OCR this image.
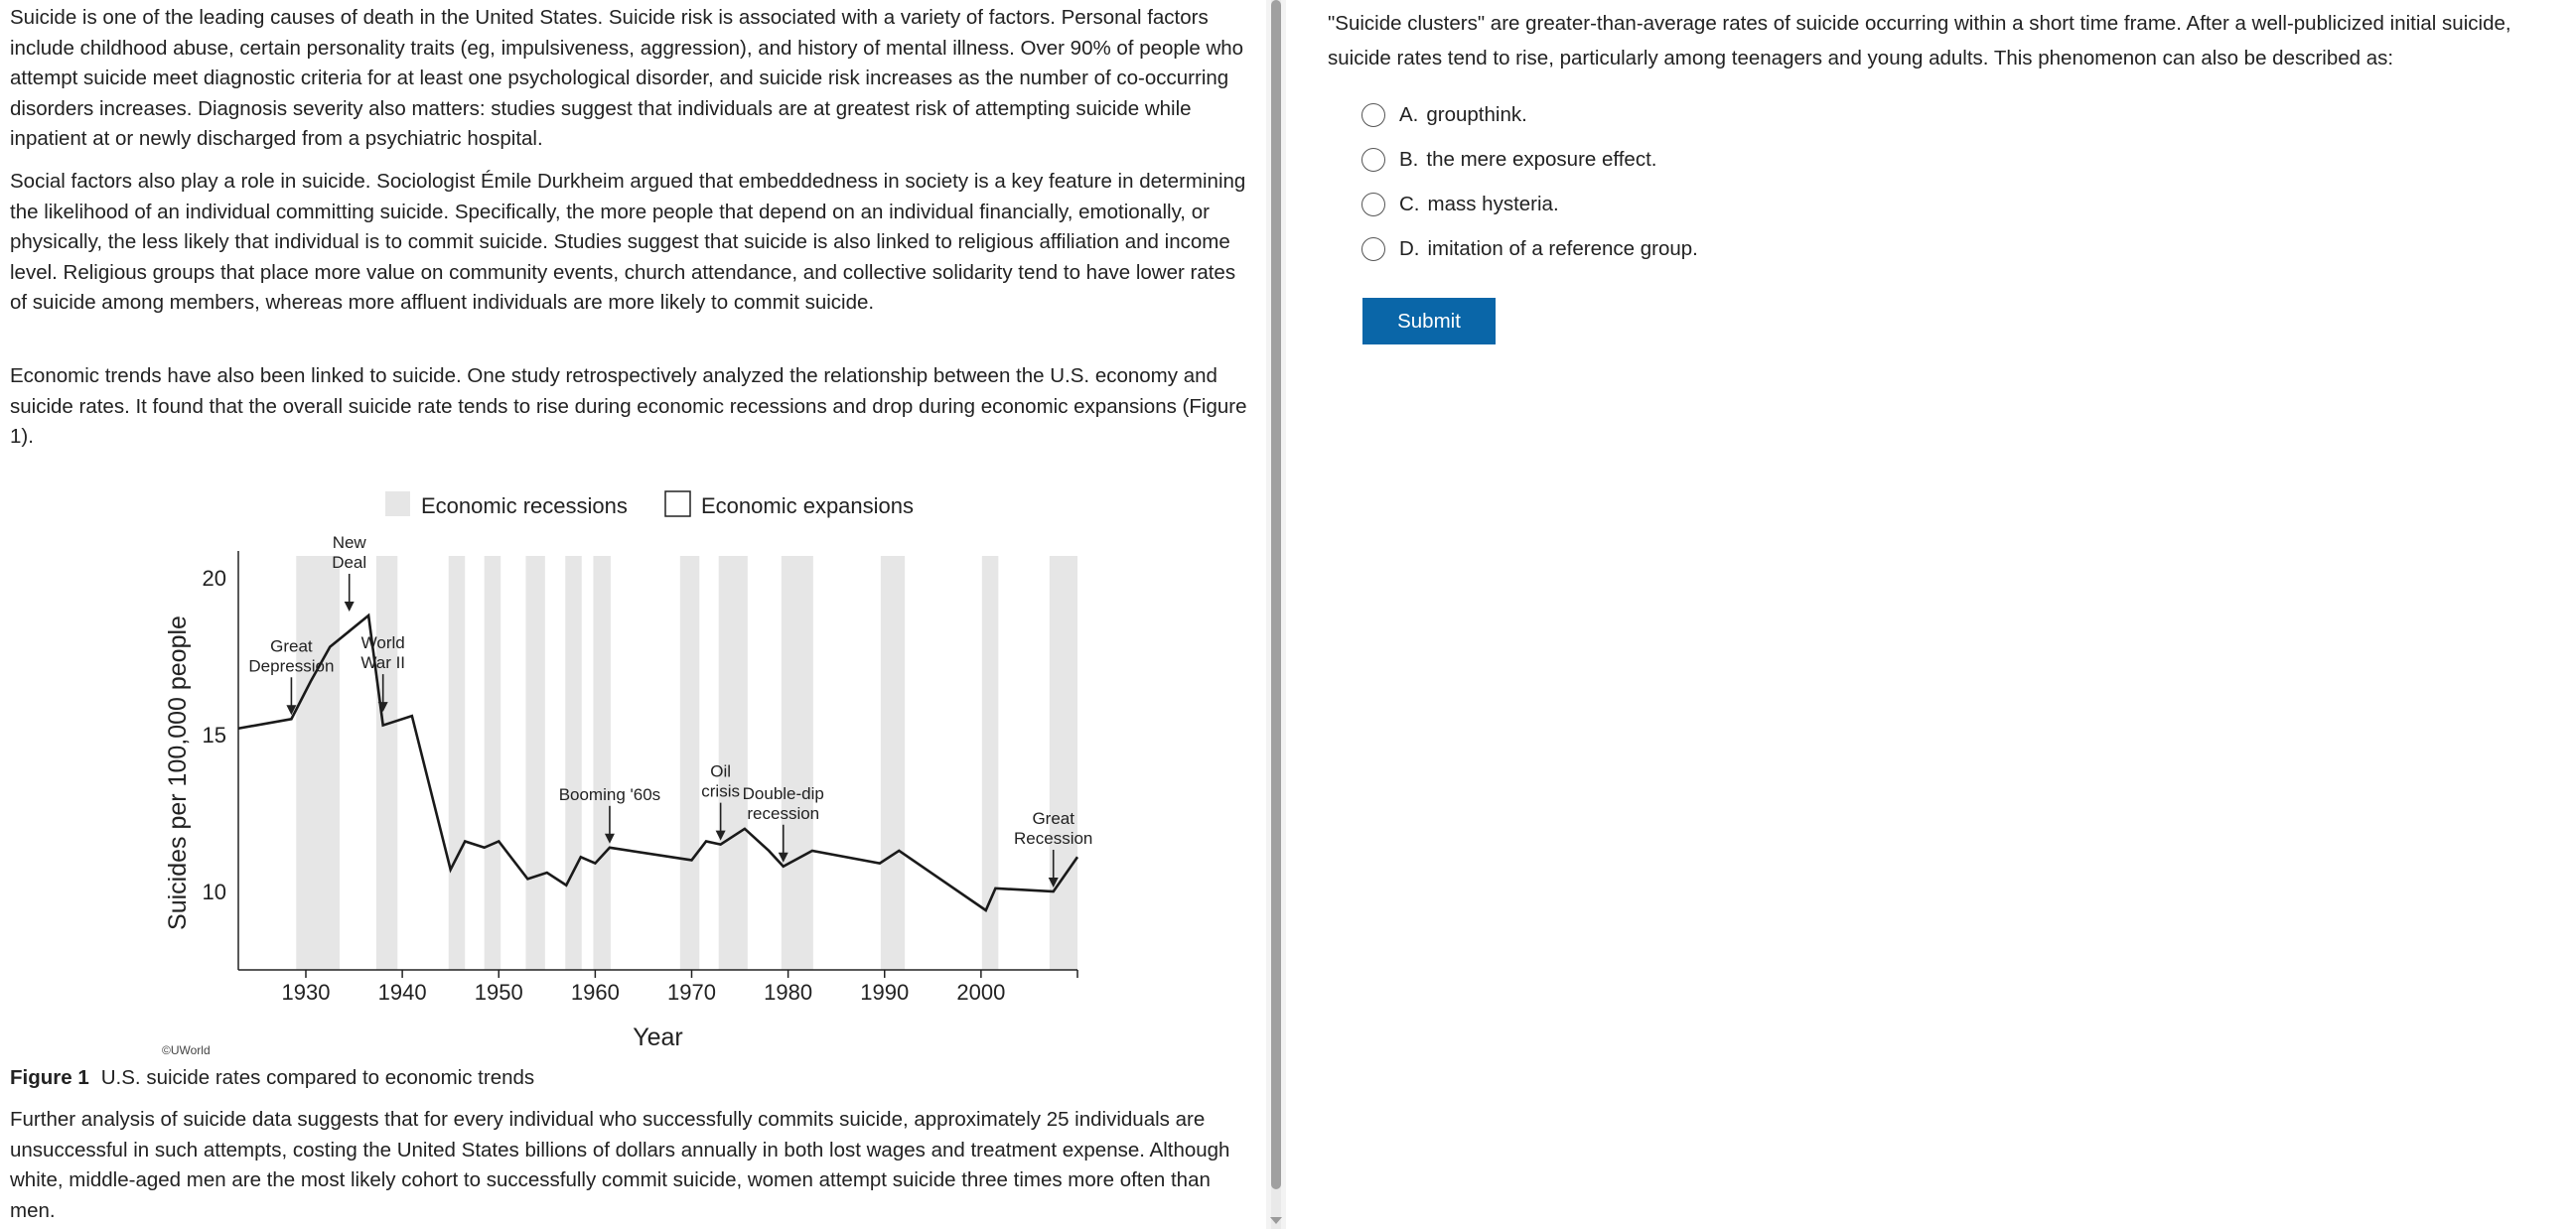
Suicide is one of the leading causes of death in the United States. Suicide risk is associated with a variety of factors. Personal factors include childhood abuse, certain personality traits (eg, impulsiveness, aggression), and history of mental illness. Over 90% of people who attempt suicide meet diagnostic criteria for at least one psychological disorder, and suicide risk increases as the number of co-occurring disorders increases. Diagnosis severity also matters: studies suggest that individuals are at greatest risk of attempting suicide while inpatient at or newly discharged from a psychiatric hospital.

Social factors also play a role in suicide. Sociologist Émile Durkheim argued that embeddedness in society is a key feature in determining the likelihood of an individual committing suicide. Specifically, the more people that depend on an individual financially, emotionally, or physically, the less likely that individual is to commit suicide. Studies suggest that suicide is also linked to religious affiliation and income level. Religious groups that place more value on community events, church attendance, and collective solidarity tend to have lower rates of suicide among members, whereas more affluent individuals are more likely to commit suicide.

Economic trends have also been linked to suicide. One study retrospectively analyzed the relationship between the U.S. economy and suicide rates. It found that the overall suicide rate tends to rise during economic recessions and drop during economic expansions (Figure 1).

1930 1940 1950 1960 1970 1980 1990 2000
10
15
20
Year
Suicides per 100,000 people
Economic recessions	Economic expansions
Great
Depression
New
Deal
World
War II
Booming '60s
Oil
crisis Double-dip
recession	Great
Recession
©UWorld

Figure 1 U.S. suicide rates compared to economic trends

Further analysis of suicide data suggests that for every individual who successfully commits suicide, approximately 25 individuals are unsuccessful in such attempts, costing the United States billions of dollars annually in both lost wages and treatment expense. Although white, middle-aged men are the most likely cohort to successfully commit suicide, women attempt suicide three times more often than men.

"Suicide clusters" are greater-than-average rates of suicide occurring within a short time frame. After a well-publicized initial suicide, suicide rates tend to rise, particularly among teenagers and young adults. This phenomenon can also be described as:

A. groupthink.
B. the mere exposure effect.
C. mass hysteria.
D. imitation of a reference group.
Submit
